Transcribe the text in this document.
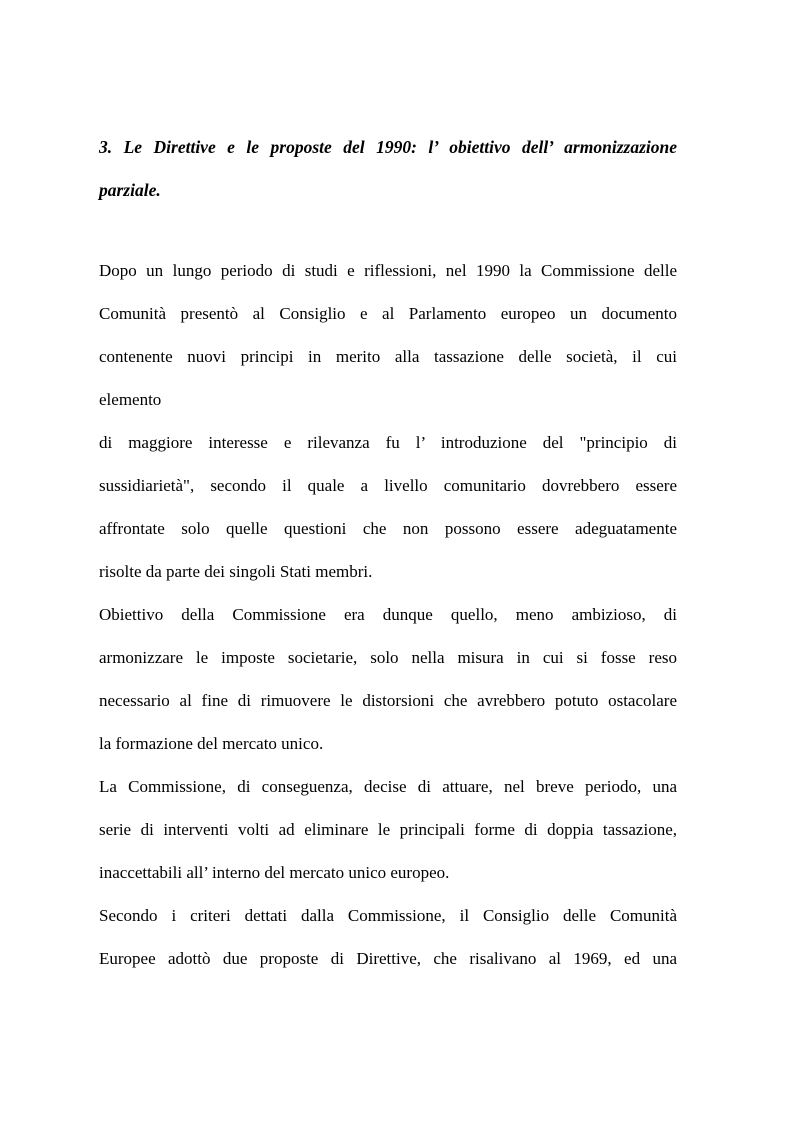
3. Le Direttive e le proposte del 1990: l’ obiettivo dell’ armonizzazione
parziale.
Dopo un lungo periodo di studi e riflessioni, nel 1990 la Commissione delle
Comunità presentò al Consiglio e al Parlamento europeo un documento
contenente nuovi principi in merito alla tassazione delle società, il cui
elemento
di maggiore interesse e rilevanza fu l’ introduzione del "principio di
sussidiarietà", secondo il quale a livello comunitario dovrebbero essere
affrontate solo quelle questioni che non possono essere adeguatamente
risolte da parte dei singoli Stati membri.
Obiettivo della Commissione era dunque quello, meno ambizioso, di
armonizzare le imposte societarie, solo nella misura in cui si fosse reso
necessario al fine di rimuovere le distorsioni che avrebbero potuto ostacolare
la formazione del mercato unico.
La Commissione, di conseguenza, decise di attuare, nel breve periodo, una
serie di interventi volti ad eliminare le principali forme di doppia tassazione,
inaccettabili all’ interno del mercato unico europeo.
Secondo i criteri dettati dalla Commissione, il Consiglio delle Comunità
Europee adottò due proposte di Direttive, che risalivano al 1969, ed una
